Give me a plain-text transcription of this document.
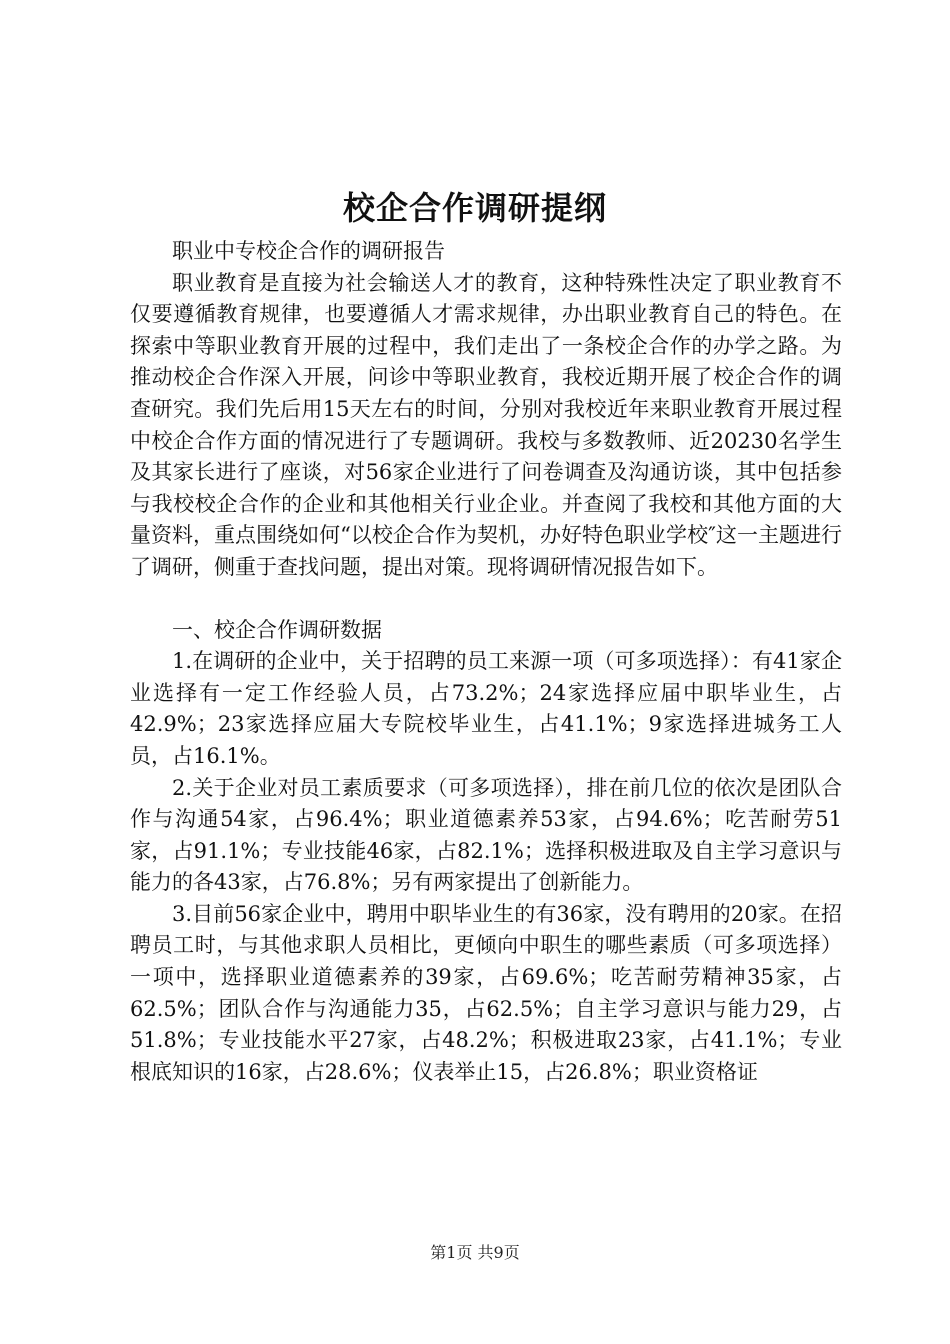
校企合作调研提纲

职业中专校企合作的调研报告

职业教育是直接为社会输送人才的教育，这种特殊性决定了职业教育不仅要遵循教育规律，也要遵循人才需求规律，办出职业教育自己的特色。在探索中等职业教育开展的过程中，我们走出了一条校企合作的办学之路。为推动校企合作深入开展，问诊中等职业教育，我校近期开展了校企合作的调查研究。我们先后用15天左右的时间，分别对我校近年来职业教育开展过程中校企合作方面的情况进行了专题调研。我校与多数教师、近20230名学生及其家长进行了座谈，对56家企业进行了问卷调查及沟通访谈，其中包括参与我校校企合作的企业和其他相关行业企业。并查阅了我校和其他方面的大量资料，重点围绕如何“以校企合作为契机，办好特色职业学校″这一主题进行了调研，侧重于查找问题，提出对策。现将调研情况报告如下。

一、校企合作调研数据

1.在调研的企业中，关于招聘的员工来源一项（可多项选择）：有41家企业选择有一定工作经验人员，占73.2%；24家选择应届中职毕业生，占42.9%；23家选择应届大专院校毕业生，占41.1%；9家选择进城务工人员，占16.1%。

2.关于企业对员工素质要求（可多项选择），排在前几位的依次是团队合作与沟通54家，占96.4%；职业道德素养53家，占94.6%；吃苦耐劳51家，占91.1%；专业技能46家，占82.1%；选择积极进取及自主学习意识与能力的各43家，占76.8%；另有两家提出了创新能力。

3.目前56家企业中，聘用中职毕业生的有36家，没有聘用的20家。在招聘员工时，与其他求职人员相比，更倾向中职生的哪些素质（可多项选择）一项中，选择职业道德素养的39家，占69.6%；吃苦耐劳精神35家，占62.5%；团队合作与沟通能力35，占62.5%；自主学习意识与能力29，占51.8%；专业技能水平27家，占48.2%；积极进取23家，占41.1%；专业根底知识的16家，占28.6%；仪表举止15，占26.8%；职业资格证

第1页 共9页
